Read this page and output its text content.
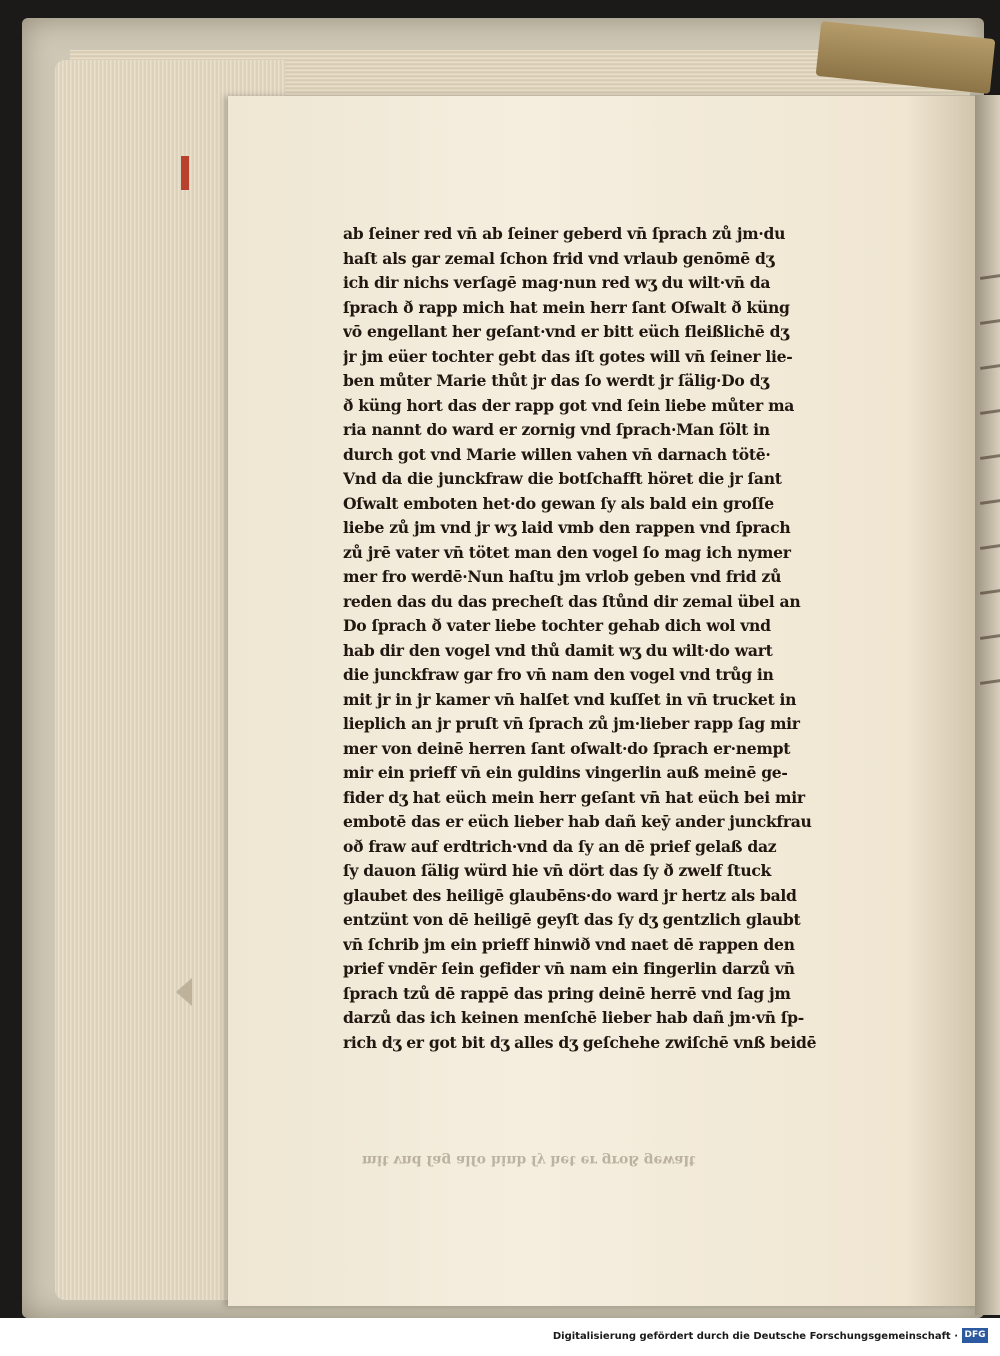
ab ſeiner red vn̄ ab ſeiner geberd vn̄ ſprach zů jm·du
haſt als gar zemal ſchon frid vnd vrlaub genōmē dʒ
ich dir nichs verſagē mag·nun red wʒ du wilt·vn̄ da
ſprach ð rapp mich hat mein herr ſant Oſwalt ð küng
vō engellant her geſant·vnd er bitt eüch fleißlichē dʒ
jr jm eüer tochter gebt das iſt gotes will vn̄ ſeiner lie-
ben můter Marie thůt jr das ſo werdt jr ſälig·Do dʒ
ð küng hort das der rapp got vnd ſein liebe můter ma
ria nannt do ward er zornig vnd ſprach·Man ſölt in
durch got vnd Marie willen vahen vn̄ darnach tötē·
Vnd da die junckfraw die botſchafft höret die jr ſant
Oſwalt emboten het·do gewan ſy als bald ein groſſe
liebe zů jm vnd jr wʒ laid vmb den rappen vnd ſprach
zů jrē vater vn̄ tötet man den vogel ſo mag ich nymer
mer fro werdē·Nun haſtu jm vrlob geben vnd frid zů
reden das du das precheſt das ſtůnd dir zemal übel an
Do ſprach ð vater liebe tochter gehab dich wol vnd
hab dir den vogel vnd thů damit wʒ du wilt·do wart
die junckfraw gar fro vn̄ nam den vogel vnd trůg in
mit jr in jr kamer vn̄ halſet vnd kuſſet in vn̄ trucket in
lieplich an jr pruſt vn̄ ſprach zů jm·lieber rapp ſag mir
mer von deinē herren ſant oſwalt·do ſprach er·nempt
mir ein prieff vn̄ ein guldins vingerlin auß meinē ge-
fider dʒ hat eüch mein herr geſant vn̄ hat eüch bei mir
embotē das er eüch lieber hab dañ keȳ ander junckfrau
oð fraw auf erdtrich·vnd da ſy an dē prief gelaß daz
ſy dauon ſälig würd hie vn̄ dört das ſy ð zwelf ſtuck
glaubet des heiligē glaubēns·do ward jr hertz als bald
entzünt von dē heiligē geyſt das ſy dʒ gentzlich glaubt
vn̄ ſchrib jm ein prieff hinwið vnd naet dē rappen den
prief vndēr ſein gefider vn̄ nam ein fingerlin darzů vn̄
ſprach tzů dē rappē das pring deinē herrē vnd ſag jm
darzů das ich keinen menſchē lieber hab dañ jm·vn̄ ſp-
rich dʒ er got bit dʒ alles dʒ geſchehe zwiſchē vnß beidē
mit vnd ſag alſo hinb ſy het er groß gewalt
Digitalisierung gefördert durch die Deutsche Forschungsgemeinschaft · DFG
